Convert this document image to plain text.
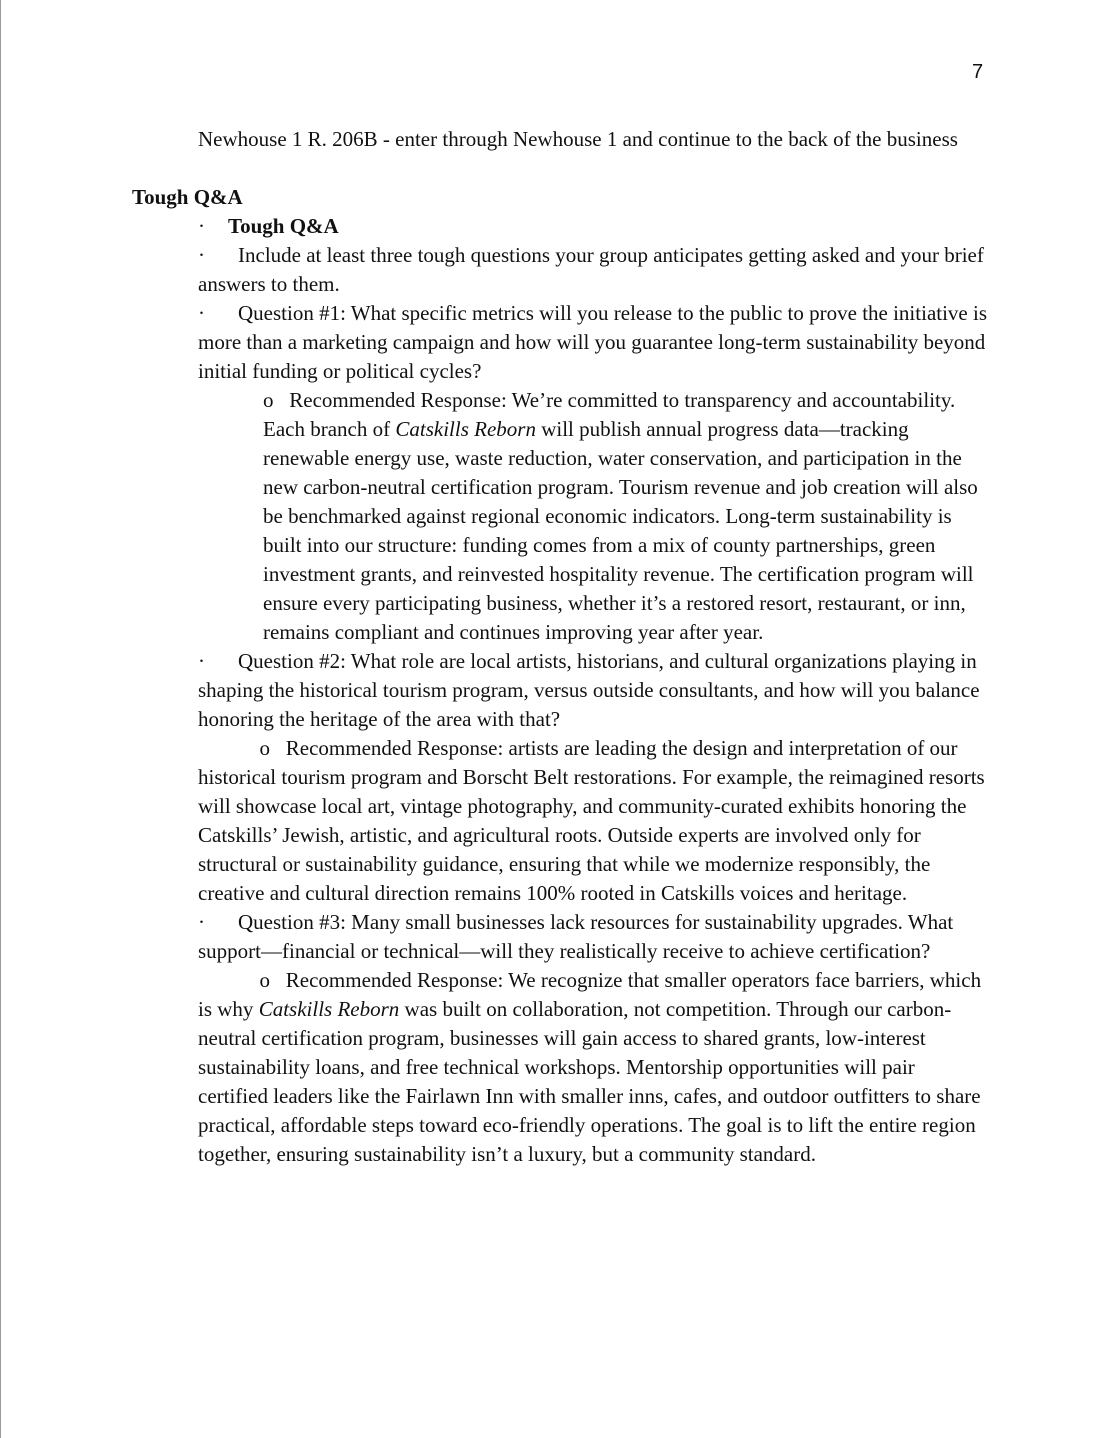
7

Newhouse 1 R. 206B - enter through Newhouse 1 and continue to the back of the business

Tough Q&A

· Tough Q&A

· Include at least three tough questions your group anticipates getting asked and your brief answers to them.

· Question #1: What specific metrics will you release to the public to prove the initiative is more than a marketing campaign and how will you guarantee long-term sustainability beyond initial funding or political cycles?

o Recommended Response: We’re committed to transparency and accountability. Each branch of Catskills Reborn will publish annual progress data—tracking renewable energy use, waste reduction, water conservation, and participation in the new carbon-neutral certification program. Tourism revenue and job creation will also be benchmarked against regional economic indicators. Long-term sustainability is built into our structure: funding comes from a mix of county partnerships, green investment grants, and reinvested hospitality revenue. The certification program will ensure every participating business, whether it’s a restored resort, restaurant, or inn, remains compliant and continues improving year after year.

· Question #2: What role are local artists, historians, and cultural organizations playing in shaping the historical tourism program, versus outside consultants, and how will you balance honoring the heritage of the area with that?

o Recommended Response: artists are leading the design and interpretation of our historical tourism program and Borscht Belt restorations. For example, the reimagined resorts will showcase local art, vintage photography, and community-curated exhibits honoring the Catskills’ Jewish, artistic, and agricultural roots. Outside experts are involved only for structural or sustainability guidance, ensuring that while we modernize responsibly, the creative and cultural direction remains 100% rooted in Catskills voices and heritage.

· Question #3: Many small businesses lack resources for sustainability upgrades. What support—financial or technical—will they realistically receive to achieve certification?

o Recommended Response: We recognize that smaller operators face barriers, which is why Catskills Reborn was built on collaboration, not competition. Through our carbon-neutral certification program, businesses will gain access to shared grants, low-interest sustainability loans, and free technical workshops. Mentorship opportunities will pair certified leaders like the Fairlawn Inn with smaller inns, cafes, and outdoor outfitters to share practical, affordable steps toward eco-friendly operations. The goal is to lift the entire region together, ensuring sustainability isn’t a luxury, but a community standard.
